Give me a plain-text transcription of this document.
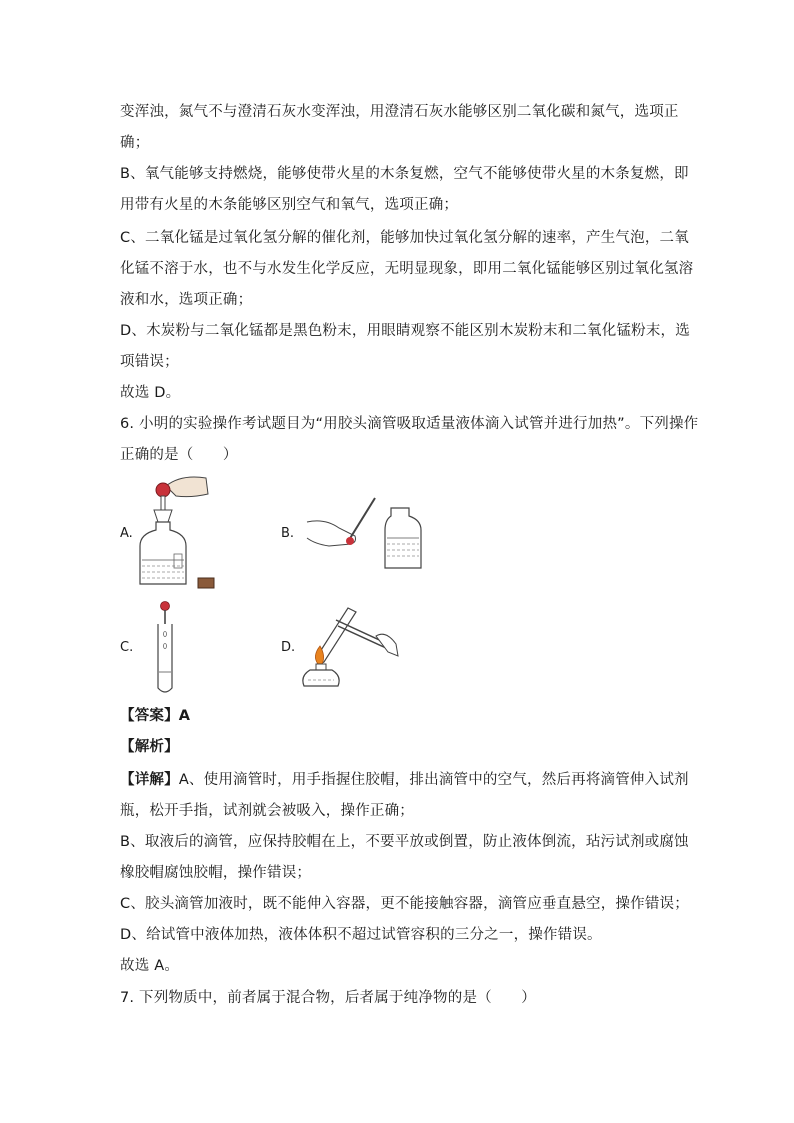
变浑浊，氮气不与澄清石灰水变浑浊，用澄清石灰水能够区别二氧化碳和氮气，选项正
确；
B、氧气能够支持燃烧，能够使带火星的木条复燃，空气不能够使带火星的木条复燃，即
用带有火星的木条能够区别空气和氧气，选项正确；
C、二氧化锰是过氧化氢分解的催化剂，能够加快过氧化氢分解的速率，产生气泡，二氧
化锰不溶于水，也不与水发生化学反应，无明显现象，即用二氧化锰能够区别过氧化氢溶
液和水，选项正确；
D、木炭粉与二氧化锰都是黑色粉末，用眼睛观察不能区别木炭粉末和二氧化锰粉末，选
项错误；
故选 D。
6. 小明的实验操作考试题目为“用胶头滴管吸取适量液体滴入试管并进行加热”。下列操作
正确的是（　　）
A.	B.
C.	D.
【答案】A
【解析】
【详解】A、使用滴管时，用手指握住胶帽，排出滴管中的空气，然后再将滴管伸入试剂
瓶，松开手指，试剂就会被吸入，操作正确；
B、取液后的滴管，应保持胶帽在上，不要平放或倒置，防止液体倒流，玷污试剂或腐蚀
橡胶帽腐蚀胶帽，操作错误；
C、胶头滴管加液时，既不能伸入容器，更不能接触容器，滴管应垂直悬空，操作错误；
D、给试管中液体加热，液体体积不超过试管容积的三分之一，操作错误。
故选 A。
7. 下列物质中，前者属于混合物，后者属于纯净物的是（　　）
